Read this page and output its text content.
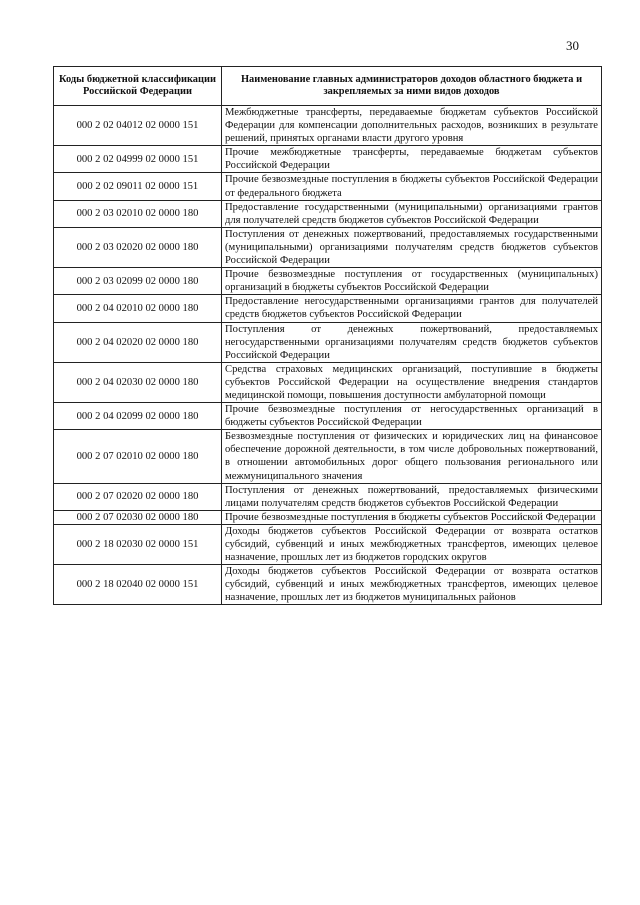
30
Коды бюджетной классификации Российской Федерации	Наименование главных администраторов доходов областного бюджета и закрепляемых за ними видов доходов
000 2 02 04012 02 0000 151	Межбюджетные трансферты, передаваемые бюджетам субъектов Российской Федерации для компенсации дополнительных расходов, возникших в результате решений, принятых органами власти другого уровня
000 2 02 04999 02 0000 151	Прочие межбюджетные трансферты, передаваемые бюджетам субъектов Российской Федерации
000 2 02 09011 02 0000 151	Прочие безвозмездные поступления в бюджеты субъектов Российской Федерации от федерального бюджета
000 2 03 02010 02 0000 180	Предоставление государственными (муниципальными) организациями грантов для получателей средств бюджетов субъектов Российской Федерации
000 2 03 02020 02 0000 180	Поступления от денежных пожертвований, предоставляемых государственными (муниципальными) организациями получателям средств бюджетов субъектов Российской Федерации
000 2 03 02099 02 0000 180	Прочие безвозмездные поступления от государственных (муниципальных) организаций в бюджеты субъектов Российской Федерации
000 2 04 02010 02 0000 180	Предоставление негосударственными организациями грантов для получателей средств бюджетов субъектов Российской Федерации
000 2 04 02020 02 0000 180	Поступления от денежных пожертвований, предоставляемых негосударственными организациями получателям средств бюджетов субъектов Российской Федерации
000 2 04 02030 02 0000 180	Средства страховых медицинских организаций, поступившие в бюджеты субъектов Российской Федерации на осуществление внедрения стандартов медицинской помощи, повышения доступности амбулаторной помощи
000 2 04 02099 02 0000 180	Прочие безвозмездные поступления от негосударственных организаций в бюджеты субъектов Российской Федерации
000 2 07 02010 02 0000 180	Безвозмездные поступления от физических и юридических лиц на финансовое обеспечение дорожной деятельности, в том числе добровольных пожертвований, в отношении автомобильных дорог общего пользования регионального или межмуниципального значения
000 2 07 02020 02 0000 180	Поступления от денежных пожертвований, предоставляемых физическими лицами получателям средств бюджетов субъектов Российской Федерации
000 2 07 02030 02 0000 180	Прочие безвозмездные поступления в бюджеты субъектов Российской Федерации
000 2 18 02030 02 0000 151	Доходы бюджетов субъектов Российской Федерации от возврата остатков субсидий, субвенций и иных межбюджетных трансфертов, имеющих целевое назначение, прошлых лет из бюджетов городских округов
000 2 18 02040 02 0000 151	Доходы бюджетов субъектов Российской Федерации от возврата остатков субсидий, субвенций и иных межбюджетных трансфертов, имеющих целевое назначение, прошлых лет из бюджетов муниципальных районов
